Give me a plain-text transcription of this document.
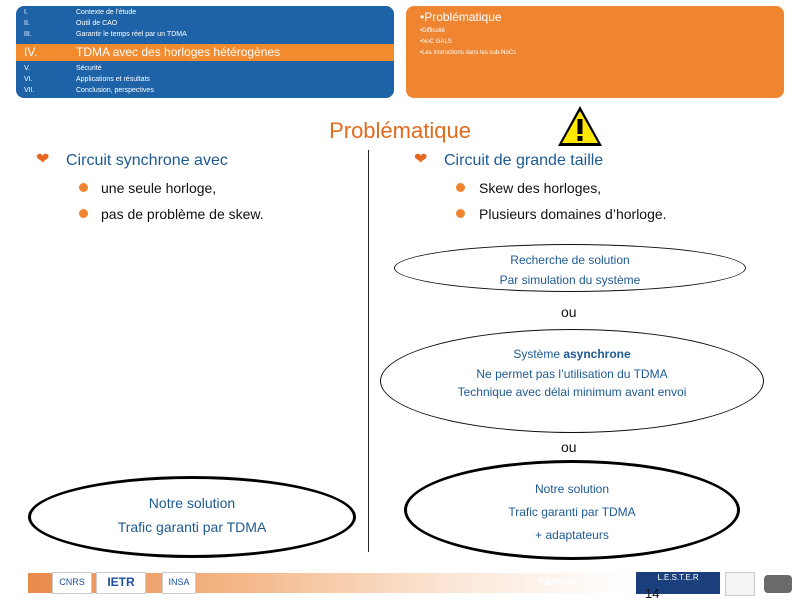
I.	Contexte de l'étude
II.	Outil de CAO
III.	Garantir le temps réel par un TDMA
IV.	TDMA avec des horloges hétérogènes
V.	Sécurité
VI.	Applications et résultats
VII.	Conclusion, perspectives
•Problématique
•Difficulté
•NoC GALS
•Les instructions dans les sub-NoCs
Problématique
❤ Circuit synchrone avec
une seule horloge,
pas de problème de skew.
Notre solution
Trafic garanti par TDMA
❤ Circuit de grande taille
Skew des horloges,
Plusieurs domaines d’horloge.
Recherche de solution
Par simulation du système
ou
Système asynchrone
Ne permet pas l’utilisation du TDMA
Technique avec délai minimum avant envoi
ou
Notre solution
Trafic garanti par TDMA
+ adaptateurs
CNRS	IETR	INSA	Samuel	L.E.S.T.E.R
14
